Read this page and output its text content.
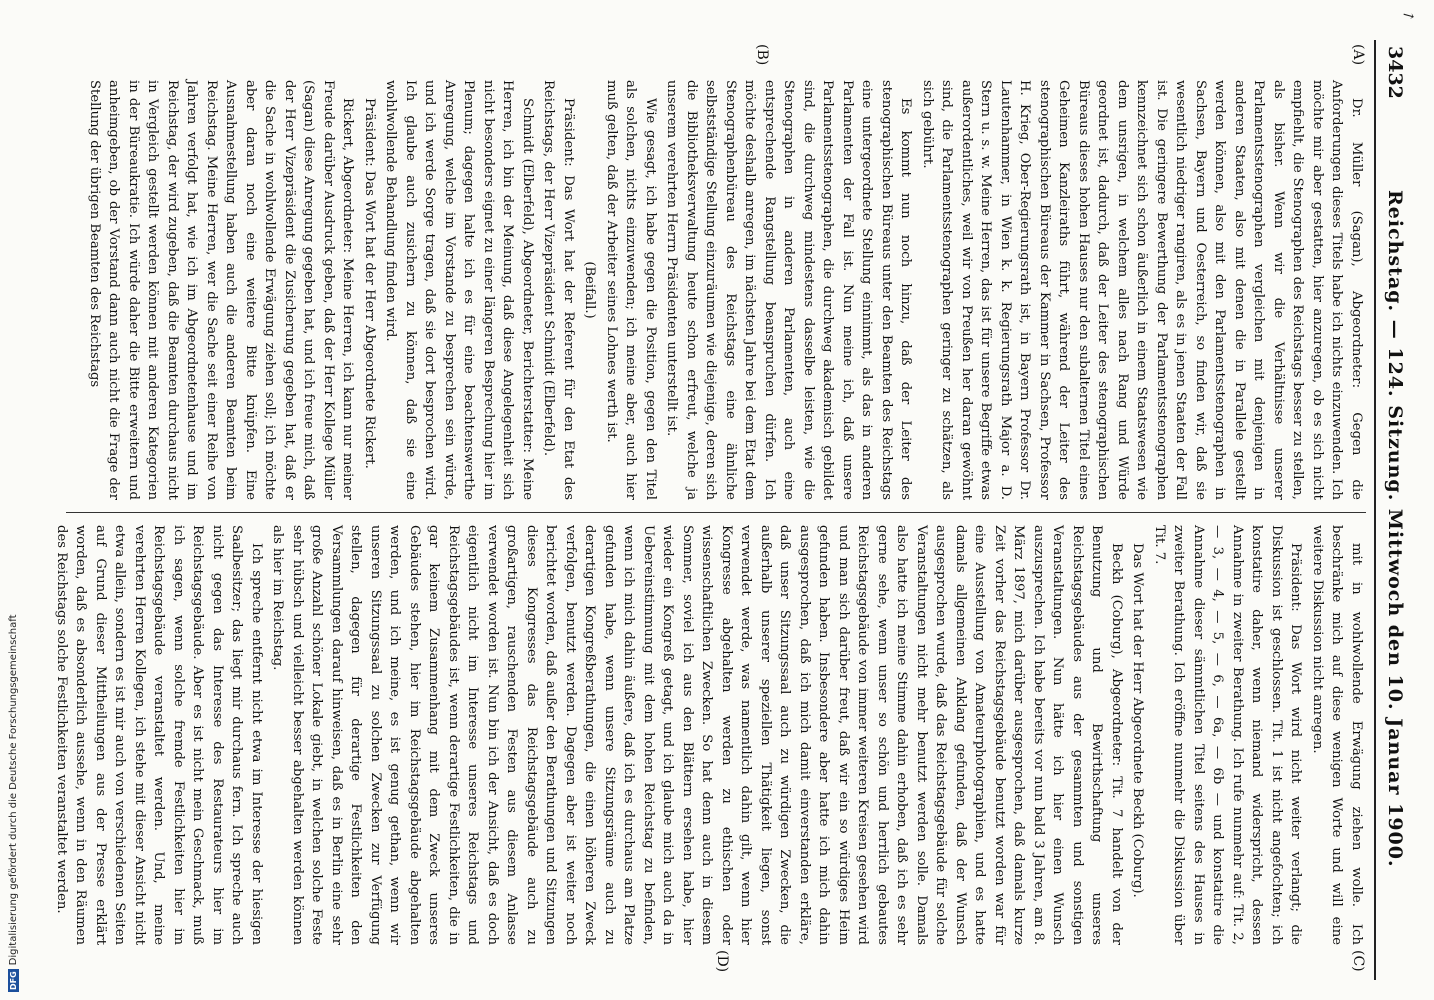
3432
Reichstag. — 124. Sitzung. Mittwoch den 10. Januar 1900.
(A)
(B)
(C)
(D)

Dr. Müller (Sagan), Abgeordneter: Gegen die Anforderungen dieses Titels habe ich nichts einzuwenden. Ich möchte mir aber gestatten, hier anzuregen, ob es sich nicht empfiehlt, die Stenographen des Reichstags besser zu stellen, als bisher. Wenn wir die Verhältnisse unserer Parlamentsstenographen vergleichen mit denjenigen in anderen Staaten, also mit denen die in Parallele gestellt werden können, also mit den Parlamentsstenographen in Sachsen, Bayern und Oesterreich, so finden wir, daß sie wesentlich niedriger rangiren, als es in jenen Staaten der Fall ist. Die geringere Bewerthung der Parlamentsstenographen kennzeichnet sich schon äußerlich in einem Staatswesen wie dem unsrigen, in welchem alles nach Rang und Würde geordnet ist, dadurch, daß der Leiter des stenographischen Büreaus dieses hohen Hauses nur den subalternen Titel eines Geheimen Kanzleiraths führt, während der Leiter des stenographischen Büreaus der Kammer in Sachsen, Professor H. Krieg, Ober-Regierungsrath ist, in Bayern Professor Dr. Lautenhammer, in Wien k. k. Regierungsrath Major a. D. Stern u. s. w. Meine Herren, das ist für unsere Begriffe etwas außerordentliches, weil wir von Preußen her daran gewöhnt sind, die Parlamentsstenographen geringer zu schätzen, als sich gebührt.

Es kommt nun noch hinzu, daß der Leiter des stenographischen Büreaus unter den Beamten des Reichstags eine untergeordnete Stellung einnimmt, als das in anderen Parlamenten der Fall ist. Nun meine ich, daß unsere Parlamentsstenographen, die durchweg akademisch gebildet sind, die durchweg mindestens dasselbe leisten, wie die Stenographen in anderen Parlamenten, auch eine entsprechende Rangstellung beanspruchen dürfen. Ich möchte deshalb anregen, im nächsten Jahre bei dem Etat dem Stenographenbüreau des Reichstags eine ähnliche selbstständige Stellung einzuräumen wie diejenige, deren sich die Bibliotheksverwaltung heute schon erfreut, welche ja unserem verehrten Herrn Präsidenten unterstellt ist.

Wie gesagt, ich habe gegen die Position, gegen den Titel als solchen, nichts einzuwenden; ich meine aber, auch hier muß gelten, daß der Arbeiter seines Lohnes werth ist.

(Beifall.)

Präsident: Das Wort hat der Referent für den Etat des Reichstags, der Herr Vizepräsident Schmidt (Elberfeld).

Schmidt (Elberfeld), Abgeordneter, Berichterstatter: Meine Herren, ich bin der Meinung, daß diese Angelegenheit sich nicht besonders eignet zu einer längeren Besprechung hier im Plenum; dagegen halte ich es für eine beachtenswerthe Anregung, welche im Vorstande zu besprechen sein würde, und ich werde Sorge tragen, daß sie dort besprochen wird. Ich glaube auch zusichern zu können, daß sie eine wohlwollende Behandlung finden wird.

Präsident: Das Wort hat der Herr Abgeordnete Rickert.

Rickert, Abgeordneter: Meine Herren, ich kann nur meiner Freude darüber Ausdruck geben, daß der Herr Kollege Müller (Sagan) diese Anregung gegeben hat, und ich freue mich, daß der Herr Vizepräsident die Zusicherung gegeben hat, daß er die Sache in wohlwollende Erwägung ziehen soll; ich möchte aber daran noch eine weitere Bitte knüpfen. Eine Ausnahmestellung haben auch die anderen Beamten beim Reichstag. Meine Herren, wer die Sache seit einer Reihe von Jahren verfolgt hat, wie ich im Abgeordnetenhause und im Reichstag, der wird zugeben, daß die Beamten durchaus nicht in Vergleich gestellt werden können mit anderen Kategorien in der Büreaukratie. Ich würde daher die Bitte erweitern und anheimgeben, ob der Vorstand dann auch nicht die Frage der Stellung der übrigen Beamten des Reichstags

mit in wohlwollende Erwägung ziehen wolle. Ich beschränke mich auf diese wenigen Worte und will eine weitere Diskussion nicht anregen.

Präsident: Das Wort wird nicht weiter verlangt; die Diskussion ist geschlossen. Tit. 1 ist nicht angefochten; ich konstatire daher, wenn niemand widerspricht, dessen Annahme in zweiter Berathung. Ich rufe nunmehr auf: Tit. 2, — 3, — 4, — 5, — 6, — 6a, — 6b — und konstatire die Annahme dieser sämmtlichen Titel seitens des Hauses in zweiter Berathung. Ich eröffne nunmehr die Diskussion über Tit. 7.

Das Wort hat der Herr Abgeordnete Beckh (Coburg).

Beckh (Coburg), Abgeordneter: Tit. 7 handelt von der Benutzung und Bewirthschaftung unseres Reichstagsgebäudes aus der gesammten und sonstigen Veranstaltungen. Nun hätte ich hier einen Wunsch auszusprechen. Ich habe bereits vor nun bald 3 Jahren, am 8. März 1897, mich darüber ausgesprochen, daß damals kurze Zeit vorher das Reichstagsgebäude benutzt worden war für eine Ausstellung von Amateurphotographien, und es hatte damals allgemeinen Anklang gefunden, daß der Wunsch ausgesprochen wurde, daß das Reichstagsgebäude für solche Veranstaltungen nicht mehr benutzt werden solle. Damals also hatte ich meine Stimme dahin erhoben, daß ich es sehr gerne sehe, wenn unser so schön und herrlich gebautes Reichstagsgebäude von immer weiteren Kreisen gesehen wird und man sich darüber freut, daß wir ein so würdiges Heim gefunden haben. Insbesondere aber hatte ich mich dahin ausgesprochen, daß ich mich damit einverstanden erkläre, daß unser Sitzungssaal auch zu würdigen Zwecken, die außerhalb unserer speziellen Thätigkeit liegen, sonst verwendet werde, was namentlich dahin gilt, wenn hier Kongresse abgehalten werden zu ethischen oder wissenschaftlichen Zwecken. So hat denn auch in diesem Sommer, soviel ich aus den Blättern ersehen habe, hier wieder ein Kongreß getagt, und ich glaube mich auch da in Uebereinstimmung mit dem hohen Reichstag zu befinden, wenn ich mich dahin äußere, daß ich es durchaus am Platze gefunden habe, wenn unsere Sitzungsräume auch zu derartigen Kongreßberathungen, die einen höheren Zweck verfolgen, benutzt werden. Dagegen aber ist weiter noch berichtet worden, daß außer den Berathungen und Sitzungen dieses Kongresses das Reichstagsgebäude auch zu großartigen, rauschenden Festen aus diesem Anlasse verwendet worden ist. Nun bin ich der Ansicht, daß es doch eigentlich nicht im Interesse unseres Reichstags und Reichstagsgebäudes ist, wenn derartige Festlichkeiten, die in gar keinem Zusammenhang mit dem Zweck unseres Gebäudes stehen, hier im Reichstagsgebäude abgehalten werden, und ich meine, es ist genug gethan, wenn wir unseren Sitzungssaal zu solchen Zwecken zur Verfügung stellen, dagegen für derartige Festlichkeiten den Versammlungen darauf hinweisen, daß es in Berlin eine sehr große Anzahl schöner Lokale giebt, in welchen solche Feste sehr hübsch und vielleicht besser abgehalten werden können als hier im Reichstag.

Ich spreche entfernt nicht etwa im Interesse der hiesigen Saalbesitzer; das liegt mir durchaus fern. Ich spreche auch nicht gegen das Interesse des Restaurateurs hier im Reichstagsgebäude. Aber es ist nicht mein Geschmack, muß ich sagen, wenn solche fremde Festlichkeiten hier im Reichstagsgebäude veranstaltet werden. Und, meine verehrten Herren Kollegen, ich stehe mit dieser Ansicht nicht etwa allein, sondern es ist mir auch von verschiedenen Seiten auf Grund dieser Mittheilungen aus der Presse erklärt worden, daß es absonderlich aussehe, wenn in den Räumen des Reichstags solche Festlichkeiten veranstaltet werden.

DFG
Digitalisierung gefördert durch die Deutsche Forschungsgemeinschaft
↘
